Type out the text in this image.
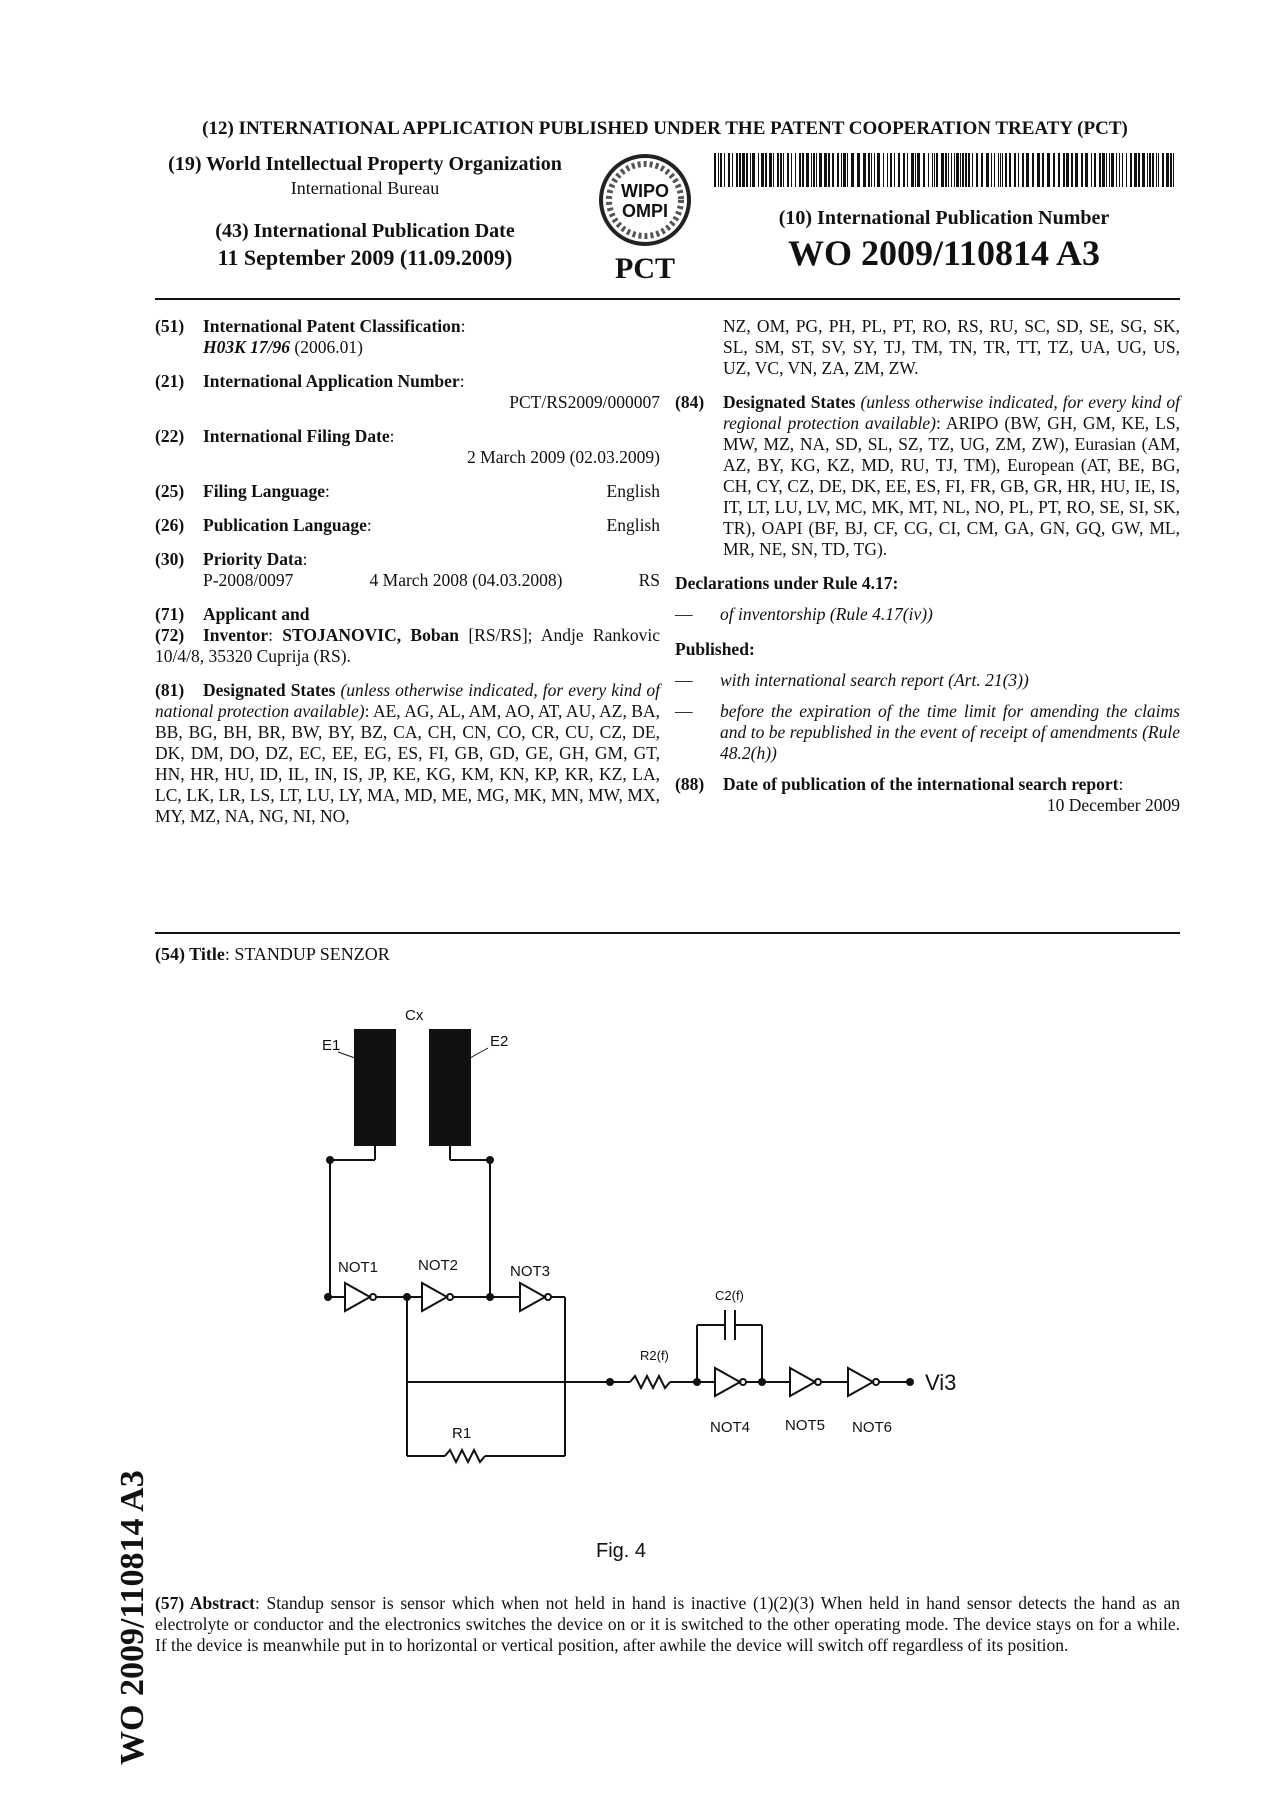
(12) INTERNATIONAL APPLICATION PUBLISHED UNDER THE PATENT COOPERATION TREATY (PCT)
(19) World Intellectual Property Organization
International Bureau
(43) International Publication Date
11 September 2009 (11.09.2009)
WIPO
OMPI
PCT
(10) International Publication Number
WO 2009/110814 A3
(51) International Patent Classification:
H03K 17/96 (2006.01)
(21) International Application Number:
PCT/RS2009/000007
(22) International Filing Date:
2 March 2009 (02.03.2009)
(25) Filing Language:	English
(26) Publication Language:	English
(30) Priority Data:
P-2008/0097	4 March 2008 (04.03.2008)	RS
(71) Applicant and
(72) Inventor: STOJANOVIC, Boban [RS/RS]; Andje Rankovic 10/4/8, 35320 Cuprija (RS).
(81) Designated States (unless otherwise indicated, for every kind of national protection available): AE, AG, AL, AM, AO, AT, AU, AZ, BA, BB, BG, BH, BR, BW, BY, BZ, CA, CH, CN, CO, CR, CU, CZ, DE, DK, DM, DO, DZ, EC, EE, EG, ES, FI, GB, GD, GE, GH, GM, GT, HN, HR, HU, ID, IL, IN, IS, JP, KE, KG, KM, KN, KP, KR, KZ, LA, LC, LK, LR, LS, LT, LU, LY, MA, MD, ME, MG, MK, MN, MW, MX, MY, MZ, NA, NG, NI, NO,
NZ, OM, PG, PH, PL, PT, RO, RS, RU, SC, SD, SE, SG, SK, SL, SM, ST, SV, SY, TJ, TM, TN, TR, TT, TZ, UA, UG, US, UZ, VC, VN, ZA, ZM, ZW.
(84) Designated States (unless otherwise indicated, for every kind of regional protection available): ARIPO (BW, GH, GM, KE, LS, MW, MZ, NA, SD, SL, SZ, TZ, UG, ZM, ZW), Eurasian (AM, AZ, BY, KG, KZ, MD, RU, TJ, TM), European (AT, BE, BG, CH, CY, CZ, DE, DK, EE, ES, FI, FR, GB, GR, HR, HU, IE, IS, IT, LT, LU, LV, MC, MK, MT, NL, NO, PL, PT, RO, SE, SI, SK, TR), OAPI (BF, BJ, CF, CG, CI, CM, GA, GN, GQ, GW, ML, MR, NE, SN, TD, TG).
Declarations under Rule 4.17:
— of inventorship (Rule 4.17(iv))
Published:
— with international search report (Art. 21(3))
— before the expiration of the time limit for amending the claims and to be republished in the event of receipt of amendments (Rule 48.2(h))
(88) Date of publication of the international search report:
10 December 2009
(54) Title: STANDUP SENZOR
Cx
E1	E2
NOT1	NOT2	NOT3
C2(f)
R2(f)
R1
Vi3
NOT4 NOT5 NOT6
Fig. 4
(57) Abstract: Standup sensor is sensor which when not held in hand is inactive (1)(2)(3) When held in hand sensor detects the hand as an electrolyte or conductor and the electronics switches the device on or it is switched to the other operating mode. The device stays on for a while. If the device is meanwhile put in to horizontal or vertical position, after awhile the device will switch off regardless of its position.
WO 2009/110814 A3
